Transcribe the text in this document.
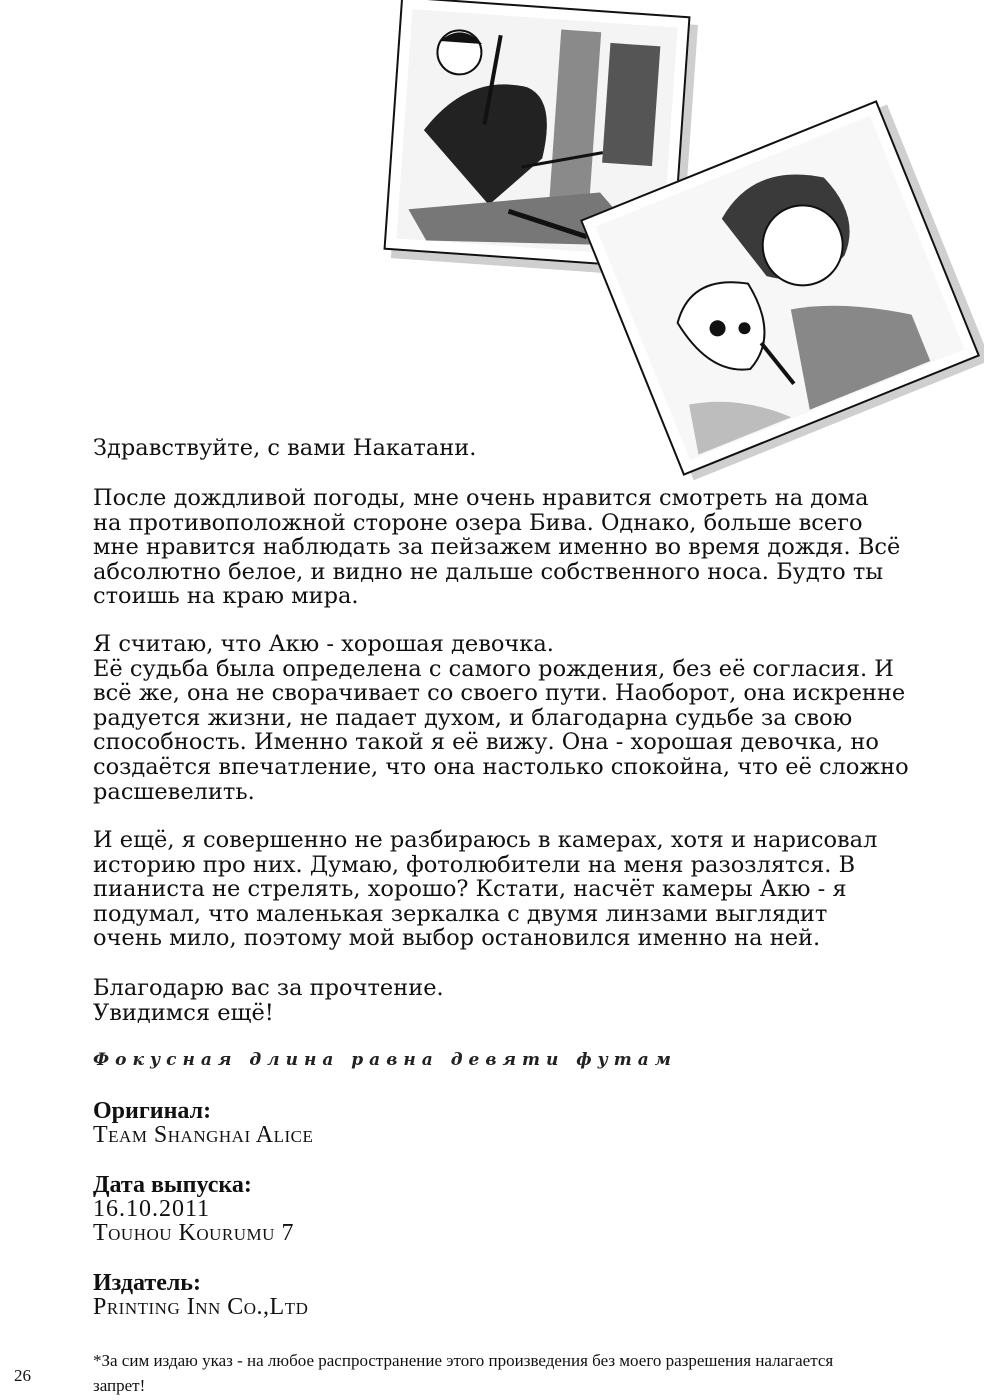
Здравствуйте, с вами Накатани.

После дождливой погоды, мне очень нравится смотреть на дома
на противоположной стороне озера Бива. Однако, больше всего
мне нравится наблюдать за пейзажем именно во время дождя. Всё
абсолютно белое, и видно не дальше собственного носа. Будто ты
стоишь на краю мира.
Я считаю, что Акю - хорошая девочка.
Её судьба была определена с самого рождения, без её согласия. И
всё же, она не сворачивает со своего пути. Наоборот, она искренне
радуется жизни, не падает духом, и благодарна судьбе за свою
способность. Именно такой я её вижу. Она - хорошая девочка, но
создаётся впечатление, что она настолько спокойна, что её сложно
расшевелить.
И ещё, я совершенно не разбираюсь в камерах, хотя и нарисовал
историю про них. Думаю, фотолюбители на меня разозлятся. В
пианиста не стрелять, хорошо? Кстати, насчёт камеры Акю - я
подумал, что маленькая зеркалка с двумя линзами выглядит
очень мило, поэтому мой выбор остановился именно на ней.
Благодарю вас за прочтение.
Увидимся ещё!
Фокусная длина равна девяти футам
Оригинал:
Team Shanghai Alice
Дата выпуска:
16.10.2011
Touhou Kourumu 7
Издатель:
Printing Inn Co.,Ltd
26
*За сим издаю указ - на любое распространение этого произведения без моего разрешения налагается запрет!
